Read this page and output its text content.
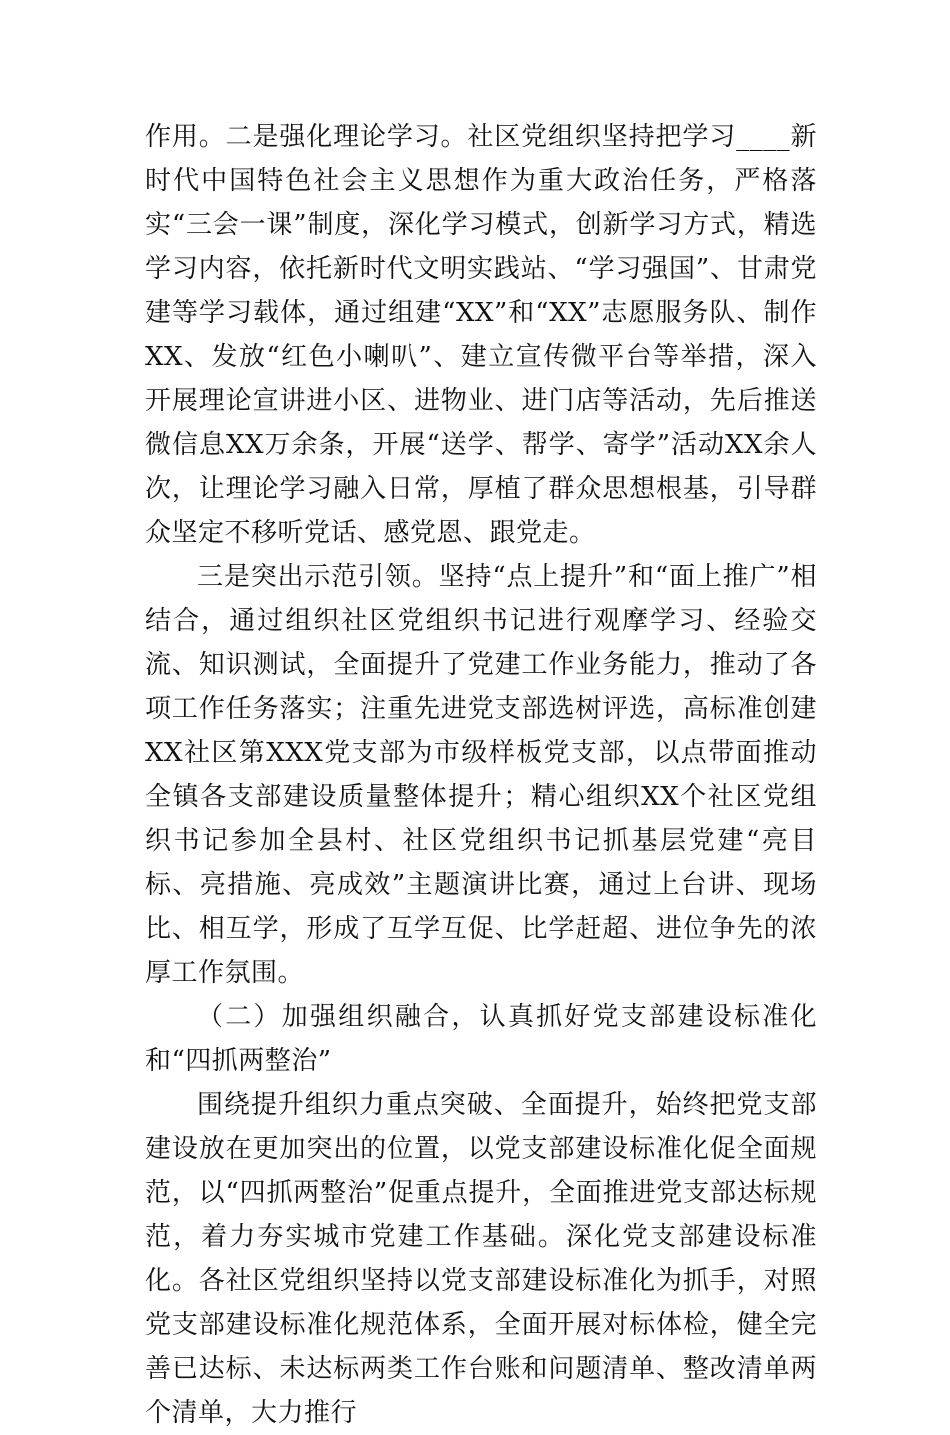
作用。二是强化理论学习。社区党组织坚持把学习____新时代中国特色社会主义思想作为重大政治任务，严格落实“三会一课”制度，深化学习模式，创新学习方式，精选学习内容，依托新时代文明实践站、“学习强国”、甘肃党建等学习载体，通过组建“XX”和“XX”志愿服务队、制作XX、发放“红色小喇叭”、建立宣传微平台等举措，深入开展理论宣讲进小区、进物业、进门店等活动，先后推送微信息XX万余条，开展“送学、帮学、寄学”活动XX余人次，让理论学习融入日常，厚植了群众思想根基，引导群众坚定不移听党话、感党恩、跟党走。

三是突出示范引领。坚持“点上提升”和“面上推广”相结合，通过组织社区党组织书记进行观摩学习、经验交流、知识测试，全面提升了党建工作业务能力，推动了各项工作任务落实；注重先进党支部选树评选，高标准创建XX社区第XXX党支部为市级样板党支部，以点带面推动全镇各支部建设质量整体提升；精心组织XX个社区党组织书记参加全县村、社区党组织书记抓基层党建“亮目标、亮措施、亮成效”主题演讲比赛，通过上台讲、现场比、相互学，形成了互学互促、比学赶超、进位争先的浓厚工作氛围。

（二）加强组织融合，认真抓好党支部建设标准化和“四抓两整治”

围绕提升组织力重点突破、全面提升，始终把党支部建设放在更加突出的位置，以党支部建设标准化促全面规范，以“四抓两整治”促重点提升，全面推进党支部达标规范，着力夯实城市党建工作基础。深化党支部建设标准化。各社区党组织坚持以党支部建设标准化为抓手，对照党支部建设标准化规范体系，全面开展对标体检，健全完善已达标、未达标两类工作台账和问题清单、整改清单两个清单，大力推行
